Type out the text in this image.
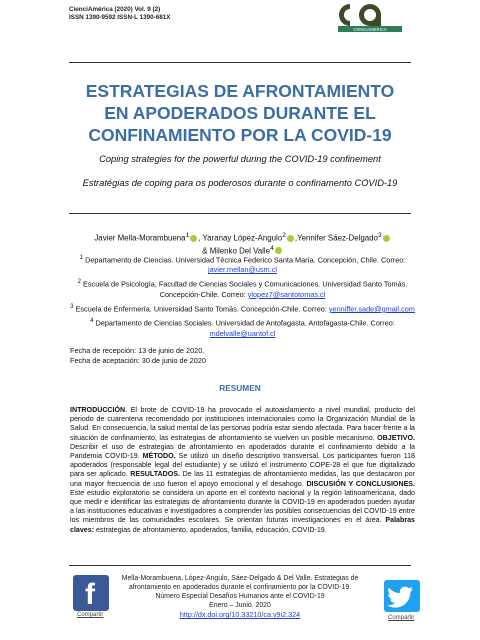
CienciAmérica (2020) Vol. 9 (2)
ISSN 1390-9592 ISSN-L 1390-681X
CIENCIAMERICA
ESTRATEGIAS DE AFRONTAMIENTO
EN APODERADOS DURANTE EL
CONFINAMIENTO POR LA COVID-19
Coping strategies for the powerful during the COVID-19 confinement
Estratégias de coping para os poderosos durante o confinamento COVID-19
Javier Mella-Morambuena$^1$ , Yaranay López-Angulo$^2$ ,Yennifer Sáez-Delgado$^3$
& Milenko Del Valle$^4$

$^1$ Departamento de Ciencias. Universidad Técnica Federico Santa María. Concepción, Chile. Correo: javier.mellan@usm.cl

$^2$ Escuela de Psicología, Facultad de Ciencias Sociales y Comunicaciones. Universidad Santo Tomás. Concepción-Chile. Correo: ylopez7@santotomas.cl

$^3$ Escuela de Enfermería. Universidad Santo Tomás. Concepción-Chile. Correo: yenniffer.sade@gmail.com

$^4$ Departamento de Ciencias Sociales. Universidad de Antofagasta. Antofagasta-Chile. Correo: mdelvalle@uantof.cl

Fecha de recepción: 13 de junio de 2020.
Fecha de aceptación: 30 de junio de 2020
RESUMEN
INTRODUCCIÓN. El brote de COVID-19 ha provocado el autoaislamiento a nivel mundial, producto del periodo de cuarentena recomendado por instituciones internacionales como la Organización Mundial de la Salud. En consecuencia, la salud mental de las personas podría estar siendo afectada. Para hacer frente a la situación de confinamiento, las estrategias de afrontamiento se vuelven un posible mecanismo. OBJETIVO. Describir el uso de estrategias de afrontamiento en apoderados durante el confinamiento debido a la Pandemia COVID-19. MÉTODO. Se utilizó un diseño descriptivo transversal. Los participantes fueron 118 apoderados (responsable legal del estudiante) y se utilizó el instrumento COPE-28 el que fue digitalizado para ser aplicado. RESULTADOS. De las 11 estrategias de afrontamiento medidas, las que destacaron por una mayor frecuencia de uso fueron el apoyo emocional y el desahogo. DISCUSIÓN Y CONCLUSIONES. Este estudio exploratorio se considera un aporte en el contexto nacional y la región latinoamericana, dado que medir e identificar las estrategias de afrontamiento durante la COVID-19 en apoderados pueden ayudar a las instituciones educativas e investigadores a comprender las posibles consecuencias del COVID-19 entre los miembros de las comunidades escolares. Se orientan futuras investigaciones en el área. Palabras claves: estrategias de afrontamiento, apoderados, familia, educación, COVID-19.
f
Compartir
Mella-Morambuena, López-Angulo, Sáez-Delgado & Del Valle. Estrategias de afrontamiento en apoderados durante el confinamiento por la COVID-19.
Número Especial Desafíos Humanos ante el COVID-19
Enero – Junio. 2020
http://dx.doi.org/10.33210/ca.v9i2.324	Compartir
